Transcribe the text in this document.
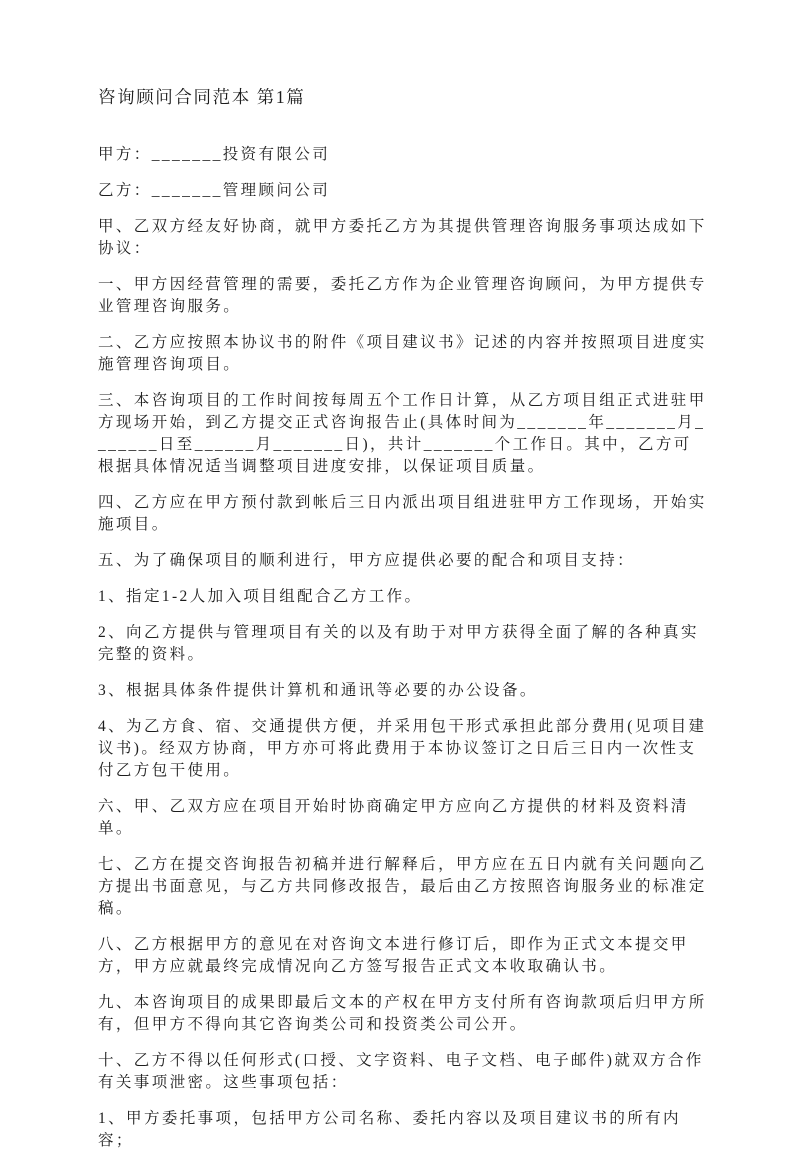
咨询顾问合同范本 第1篇

甲方：_______投资有限公司

乙方：_______管理顾问公司

甲、乙双方经友好协商，就甲方委托乙方为其提供管理咨询服务事项达成如下协议：

一、甲方因经营管理的需要，委托乙方作为企业管理咨询顾问，为甲方提供专业管理咨询服务。

二、乙方应按照本协议书的附件《项目建议书》记述的内容并按照项目进度实施管理咨询项目。

三、本咨询项目的工作时间按每周五个工作日计算，从乙方项目组正式进驻甲方现场开始，到乙方提交正式咨询报告止(具体时间为_______年_______月_______日至______月_______日)，共计_______个工作日。其中，乙方可根据具体情况适当调整项目进度安排，以保证项目质量。

四、乙方应在甲方预付款到帐后三日内派出项目组进驻甲方工作现场，开始实施项目。

五、为了确保项目的顺利进行，甲方应提供必要的配合和项目支持：

1、指定1-2人加入项目组配合乙方工作。

2、向乙方提供与管理项目有关的以及有助于对甲方获得全面了解的各种真实完整的资料。

3、根据具体条件提供计算机和通讯等必要的办公设备。

4、为乙方食、宿、交通提供方便，并采用包干形式承担此部分费用(见项目建议书)。经双方协商，甲方亦可将此费用于本协议签订之日后三日内一次性支付乙方包干使用。

六、甲、乙双方应在项目开始时协商确定甲方应向乙方提供的材料及资料清单。

七、乙方在提交咨询报告初稿并进行解释后，甲方应在五日内就有关问题向乙方提出书面意见，与乙方共同修改报告，最后由乙方按照咨询服务业的标准定稿。

八、乙方根据甲方的意见在对咨询文本进行修订后，即作为正式文本提交甲方，甲方应就最终完成情况向乙方签写报告正式文本收取确认书。

九、本咨询项目的成果即最后文本的产权在甲方支付所有咨询款项后归甲方所有，但甲方不得向其它咨询类公司和投资类公司公开。

十、乙方不得以任何形式(口授、文字资料、电子文档、电子邮件)就双方合作有关事项泄密。这些事项包括：

1、甲方委托事项，包括甲方公司名称、委托内容以及项目建议书的所有内容；
